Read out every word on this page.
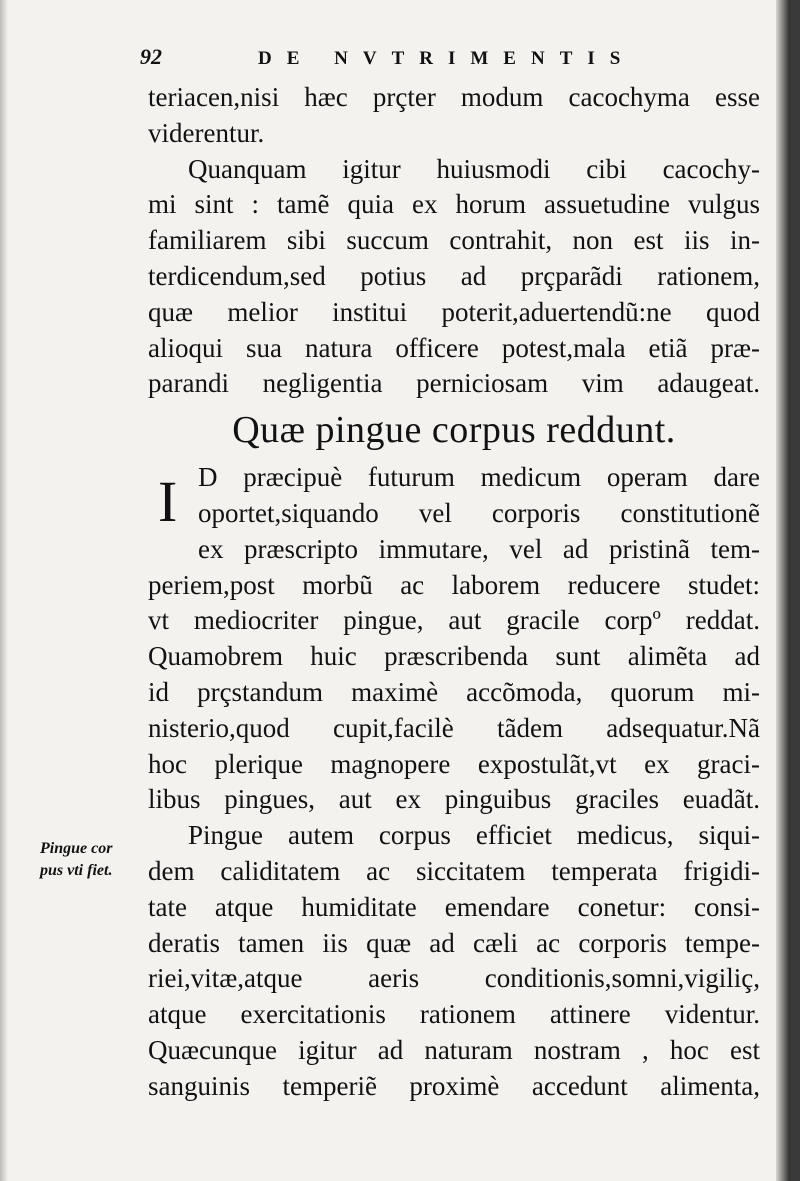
92	DE NVTRIMENTIS
Pingue cor
pus vti fiet.
teriacen,nisi hæc prçter modum cacochyma esse
viderentur.
Quanquam igitur huiusmodi cibi cacochy-
mi sint : tamẽ quia ex horum assuetudine vulgus
familiarem sibi succum contrahit, non est iis in-
terdicendum,sed potius ad prçparãdi rationem,
quæ melior institui poterit,aduertendũ:ne quod
alioqui sua natura officere potest,mala etiã præ-
parandi negligentia perniciosam vim adaugeat.
Quæ pingue corpus reddunt.
I D præcipuè futurum medicum operam dare
oportet,siquando vel corporis constitutionẽ
ex præscripto immutare, vel ad pristinã tem-
periem,post morbũ ac laborem reducere studet:
vt mediocriter pingue, aut gracile corpº reddat.
Quamobrem huic præscribenda sunt alimẽta ad
id prçstandum maximè accõmoda, quorum mi-
nisterio,quod cupit,facilè tãdem adsequatur.Nã
hoc plerique magnopere expostulãt,vt ex graci-
libus pingues, aut ex pinguibus graciles euadãt.
Pingue autem corpus efficiet medicus, siqui-
dem caliditatem ac siccitatem temperata frigidi-
tate atque humiditate emendare conetur: consi-
deratis tamen iis quæ ad cæli ac corporis tempe-
riei,vitæ,atque aeris conditionis,somni,vigiliç,
atque exercitationis rationem attinere videntur.
Quæcunque igitur ad naturam nostram , hoc est
sanguinis temperiẽ proximè accedunt alimenta,
